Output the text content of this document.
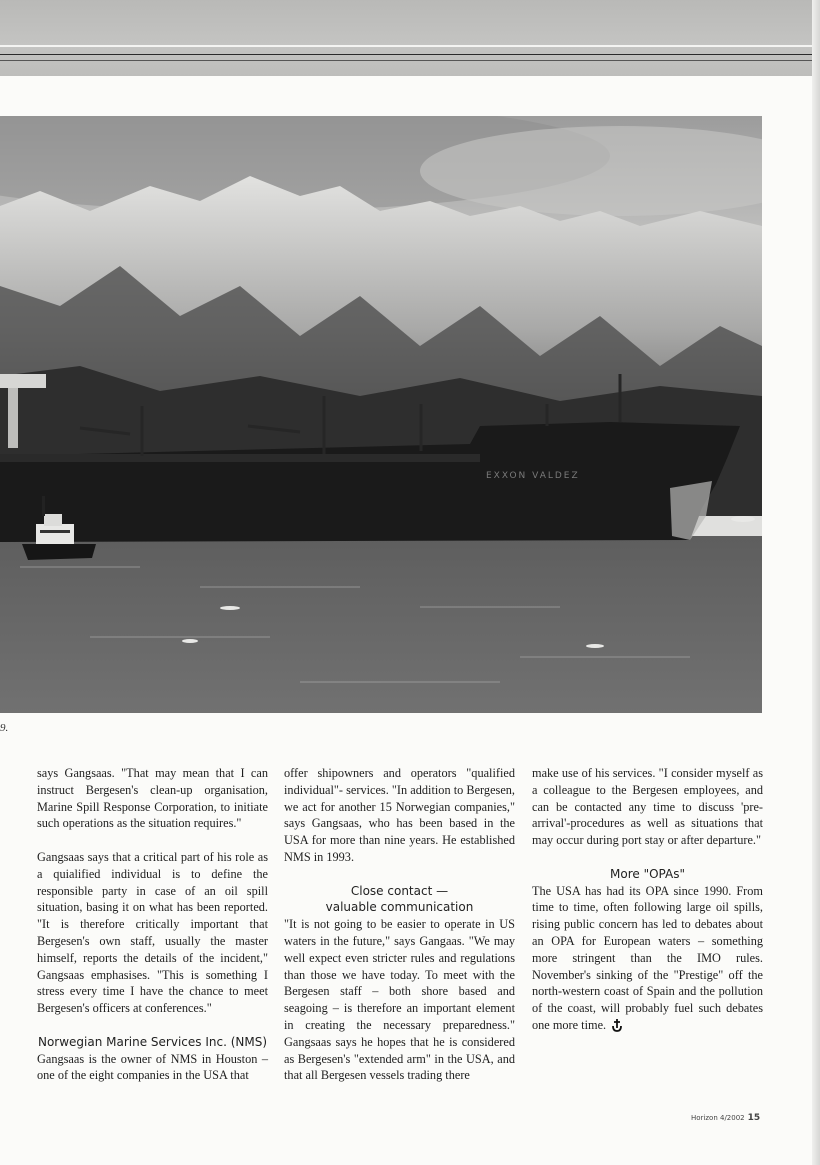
EXXON VALDEZ
9.

says Gangsaas. "That may mean that I can instruct Bergesen's clean-up organisation, Marine Spill Response Corporation, to initiate such operations as the situation requires."

Gangsaas says that a critical part of his role as a quialified individual is to define the responsible party in case of an oil spill situation, basing it on what has been reported. "It is therefore critically important that Bergesen's own staff, usually the master himself, reports the details of the incident," Gangsaas emphasises. "This is something I stress every time I have the chance to meet Bergesen's officers at conferences."

Norwegian Marine Services Inc. (NMS)

Gangsaas is the owner of NMS in Houston – one of the eight companies in the USA that

offer shipowners and operators "qualified individual"- services. "In addition to Bergesen, we act for another 15 Norwegian companies," says Gangsaas, who has been based in the USA for more than nine years. He established NMS in 1993.

Close contact —
valuable communication

"It is not going to be easier to operate in US waters in the future," says Gangaas. "We may well expect even stricter rules and regulations than those we have today. To meet with the Bergesen staff – both shore based and seagoing – is therefore an important element in creating the necessary preparedness." Gangsaas says he hopes that he is considered as Bergesen's "extended arm" in the USA, and that all Bergesen vessels trading there

make use of his services. "I consider myself as a colleague to the Bergesen employees, and can be contacted any time to discuss 'pre-arrival'-procedures as well as situations that may occur during port stay or after departure."

More "OPAs"

The USA has had its OPA since 1990. From time to time, often following large oil spills, rising public concern has led to debates about an OPA for European waters – something more stringent than the IMO rules. November's sinking of the "Prestige" off the north-western coast of Spain and the pollution of the coast, will probably fuel such debates one more time.

Horizon 4/2002 15
